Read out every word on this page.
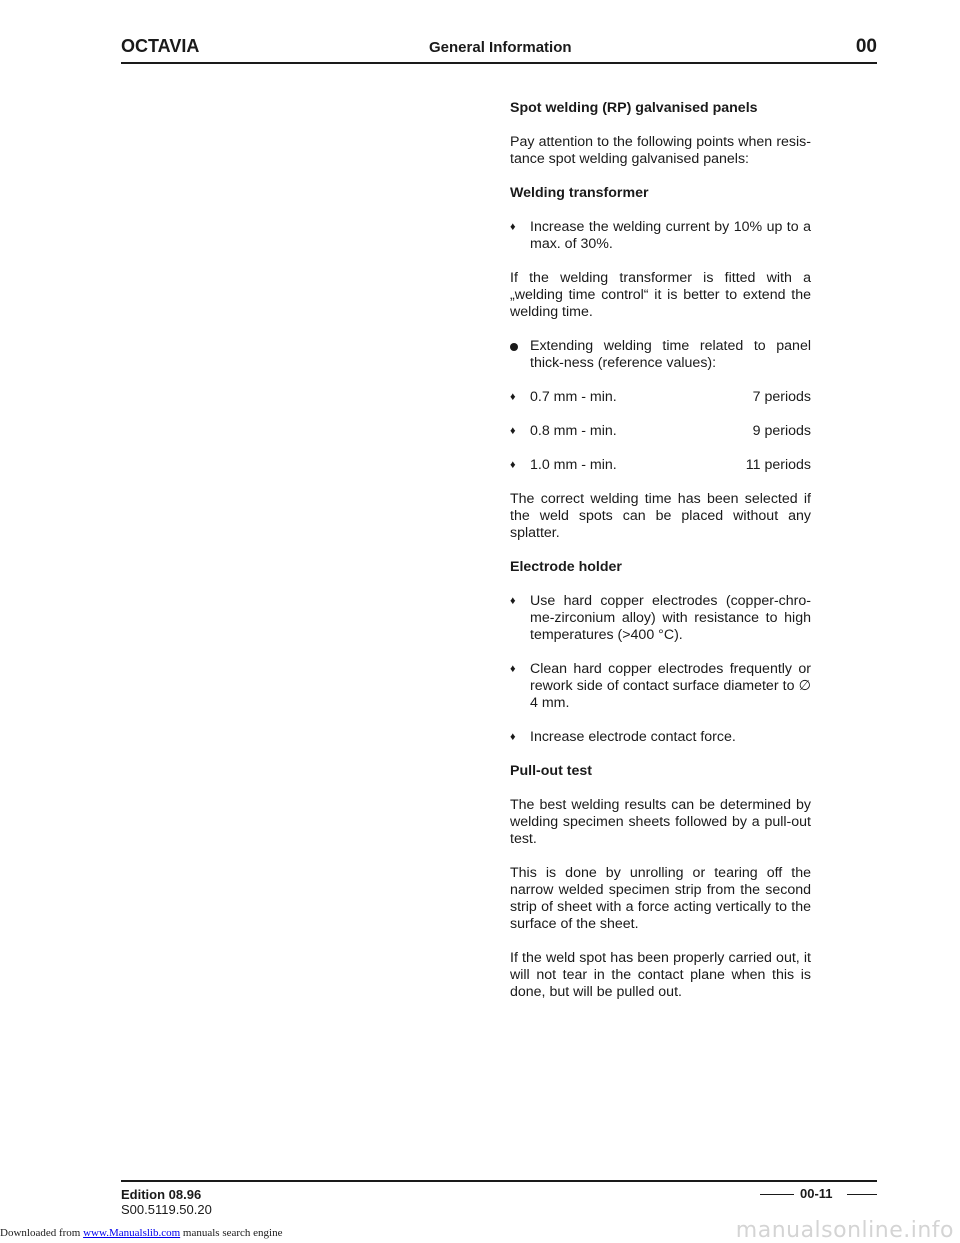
OCTAVIA	General Information	00
Spot welding (RP) galvanised panels
Pay attention to the following points when resis-tance spot welding galvanised panels:
Welding transformer
♦ Increase the welding current by 10% up to a max. of 30%.
If the welding transformer is fitted with a „welding time control“ it is better to extend the welding time.
Extending welding time related to panel thick-ness (reference values):
♦ 0.7 mm - min.	7 periods
♦ 0.8 mm - min.	9 periods
♦ 1.0 mm - min.	11 periods
The correct welding time has been selected if the weld spots can be placed without any splatter.
Electrode holder
♦ Use hard copper electrodes (copper-chro-me-zirconium alloy) with resistance to high temperatures (>400 °C).
♦ Clean hard copper electrodes frequently or rework side of contact surface diameter to ∅ 4 mm.
♦ Increase electrode contact force.
Pull-out test
The best welding results can be determined by welding specimen sheets followed by a pull-out test.
This is done by unrolling or tearing off the narrow welded specimen strip from the second strip of sheet with a force acting vertically to the surface of the sheet.
If the weld spot has been properly carried out, it will not tear in the contact plane when this is done, but will be pulled out.
Edition 08.96
S00.5119.50.20
00-11
Downloaded from www.Manualslib.com manuals search engine	manualsonline.info
